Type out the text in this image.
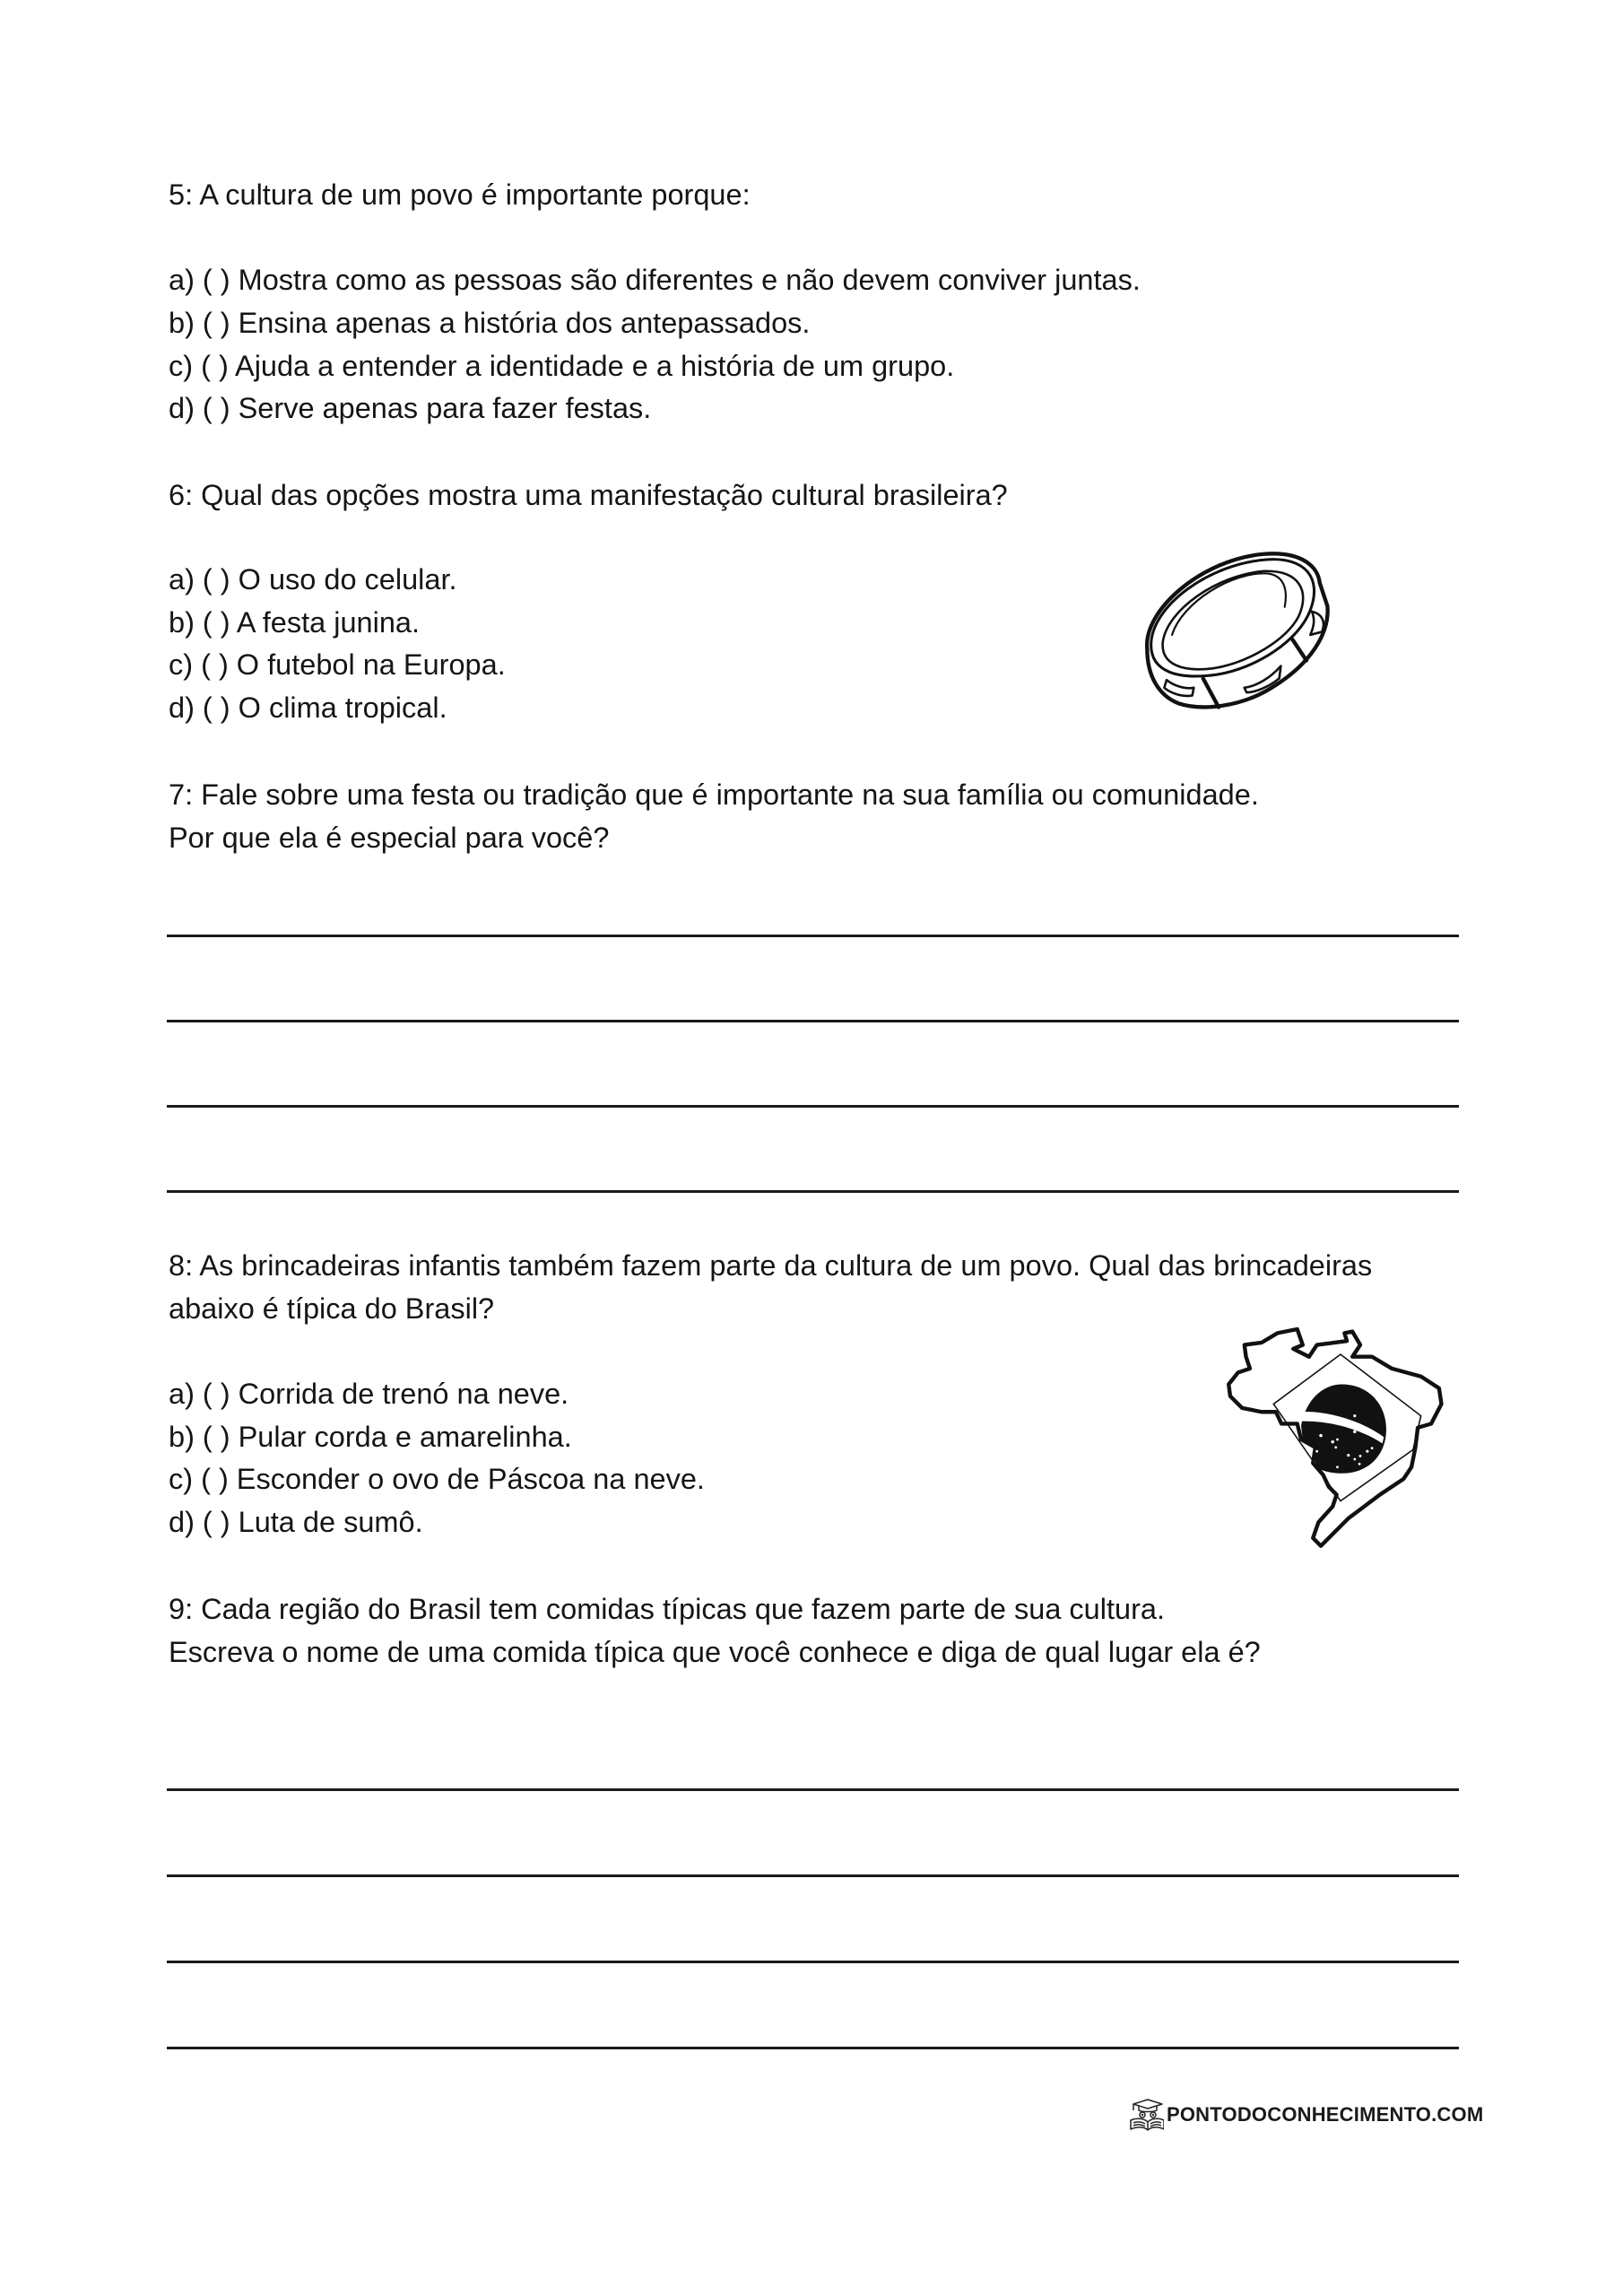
5: A cultura de um povo é importante porque:
a) ( ) Mostra como as pessoas são diferentes e não devem conviver juntas.
b) ( ) Ensina apenas a história dos antepassados.
c) ( ) Ajuda a entender a identidade e a história de um grupo.
d) ( ) Serve apenas para fazer festas.
6: Qual das opções mostra uma manifestação cultural brasileira?
a) ( ) O uso do celular.
b) ( ) A festa junina.
c) ( ) O futebol na Europa.
d) ( ) O clima tropical.
7: Fale sobre uma festa ou tradição que é importante na sua família ou comunidade.
Por que ela é especial para você?
8: As brincadeiras infantis também fazem parte da cultura de um povo. Qual das brincadeiras
abaixo é típica do Brasil?
a) ( ) Corrida de trenó na neve.
b) ( ) Pular corda e amarelinha.
c) ( ) Esconder o ovo de Páscoa na neve.
d) ( ) Luta de sumô.
9: Cada região do Brasil tem comidas típicas que fazem parte de sua cultura.
Escreva o nome de uma comida típica que você conhece e diga de qual lugar ela é?
PONTODOCONHECIMENTO.COM
